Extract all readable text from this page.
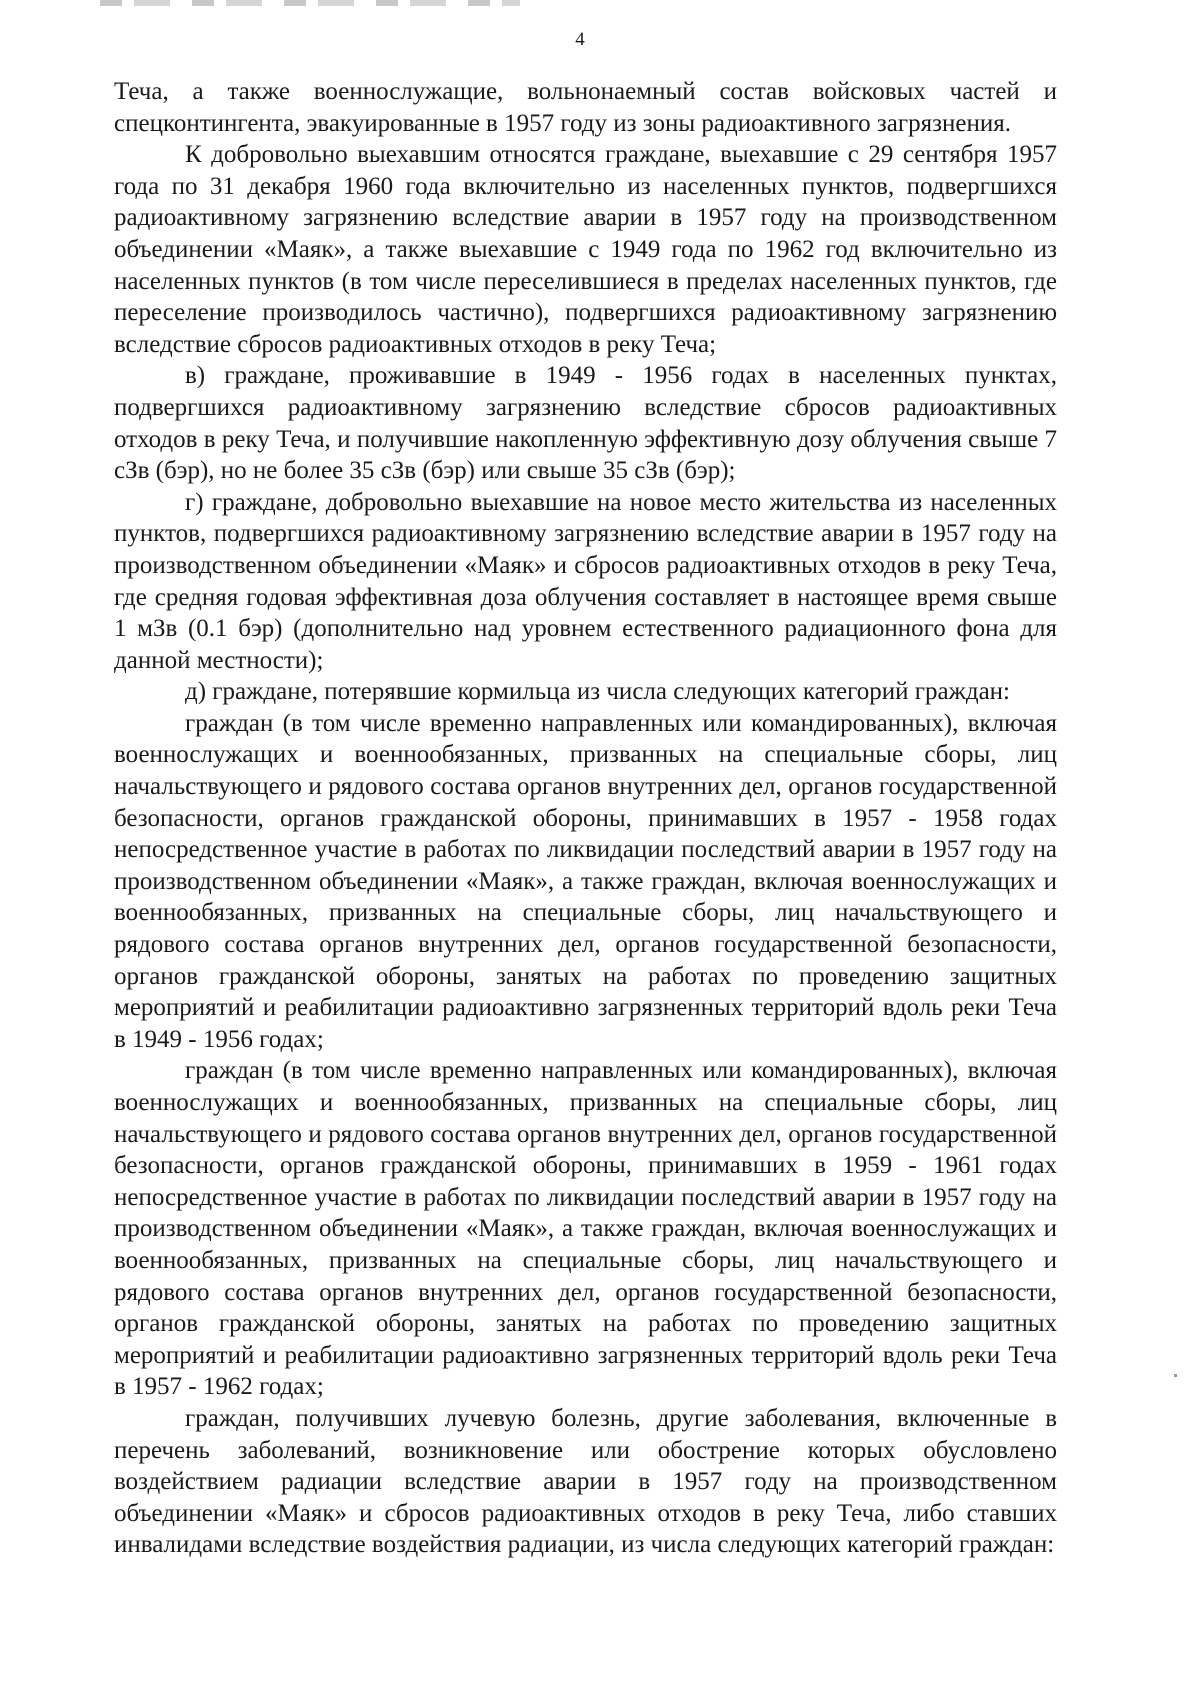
4

Теча, а также военнослужащие, вольнонаемный состав войсковых частей и спецконтингента, эвакуированные в 1957 году из зоны радиоактивного загрязнения.

К добровольно выехавшим относятся граждане, выехавшие с 29 сентября 1957 года по 31 декабря 1960 года включительно из населенных пунктов, подвергшихся радиоактивному загрязнению вследствие аварии в 1957 году на производственном объединении «Маяк», а также выехавшие с 1949 года по 1962 год включительно из населенных пунктов (в том числе переселившиеся в пределах населенных пунктов, где переселение производилось частично), подвергшихся радиоактивному загрязнению вследствие сбросов радиоактивных отходов в реку Теча;

в) граждане, проживавшие в 1949 - 1956 годах в населенных пунктах, подвергшихся радиоактивному загрязнению вследствие сбросов радиоактивных отходов в реку Теча, и получившие накопленную эффективную дозу облучения свыше 7 сЗв (бэр), но не более 35 сЗв (бэр) или свыше 35 сЗв (бэр);

г) граждане, добровольно выехавшие на новое место жительства из населенных пунктов, подвергшихся радиоактивному загрязнению вследствие аварии в 1957 году на производственном объединении «Маяк» и сбросов радиоактивных отходов в реку Теча, где средняя годовая эффективная доза облучения составляет в настоящее время свыше 1 мЗв (0.1 бэр) (дополнительно над уровнем естественного радиационного фона для данной местности);

д) граждане, потерявшие кормильца из числа следующих категорий граждан:

граждан (в том числе временно направленных или командированных), включая военнослужащих и военнообязанных, призванных на специальные сборы, лиц начальствующего и рядового состава органов внутренних дел, органов государственной безопасности, органов гражданской обороны, принимавших в 1957 - 1958 годах непосредственное участие в работах по ликвидации последствий аварии в 1957 году на производственном объединении «Маяк», а также граждан, включая военнослужащих и военнообязанных, призванных на специальные сборы, лиц начальствующего и рядового состава органов внутренних дел, органов государственной безопасности, органов гражданской обороны, занятых на работах по проведению защитных мероприятий и реабилитации радиоактивно загрязненных территорий вдоль реки Теча в 1949 - 1956 годах;

граждан (в том числе временно направленных или командированных), включая военнослужащих и военнообязанных, призванных на специальные сборы, лиц начальствующего и рядового состава органов внутренних дел, органов государственной безопасности, органов гражданской обороны, принимавших в 1959 - 1961 годах непосредственное участие в работах по ликвидации последствий аварии в 1957 году на производственном объединении «Маяк», а также граждан, включая военнослужащих и военнообязанных, призванных на специальные сборы, лиц начальствующего и рядового состава органов внутренних дел, органов государственной безопасности, органов гражданской обороны, занятых на работах по проведению защитных мероприятий и реабилитации радиоактивно загрязненных территорий вдоль реки Теча в 1957 - 1962 годах;

граждан, получивших лучевую болезнь, другие заболевания, включенные в перечень заболеваний, возникновение или обострение которых обусловлено воздействием радиации вследствие аварии в 1957 году на производственном объединении «Маяк» и сбросов радиоактивных отходов в реку Теча, либо ставших инвалидами вследствие воздействия радиации, из числа следующих категорий граждан:
